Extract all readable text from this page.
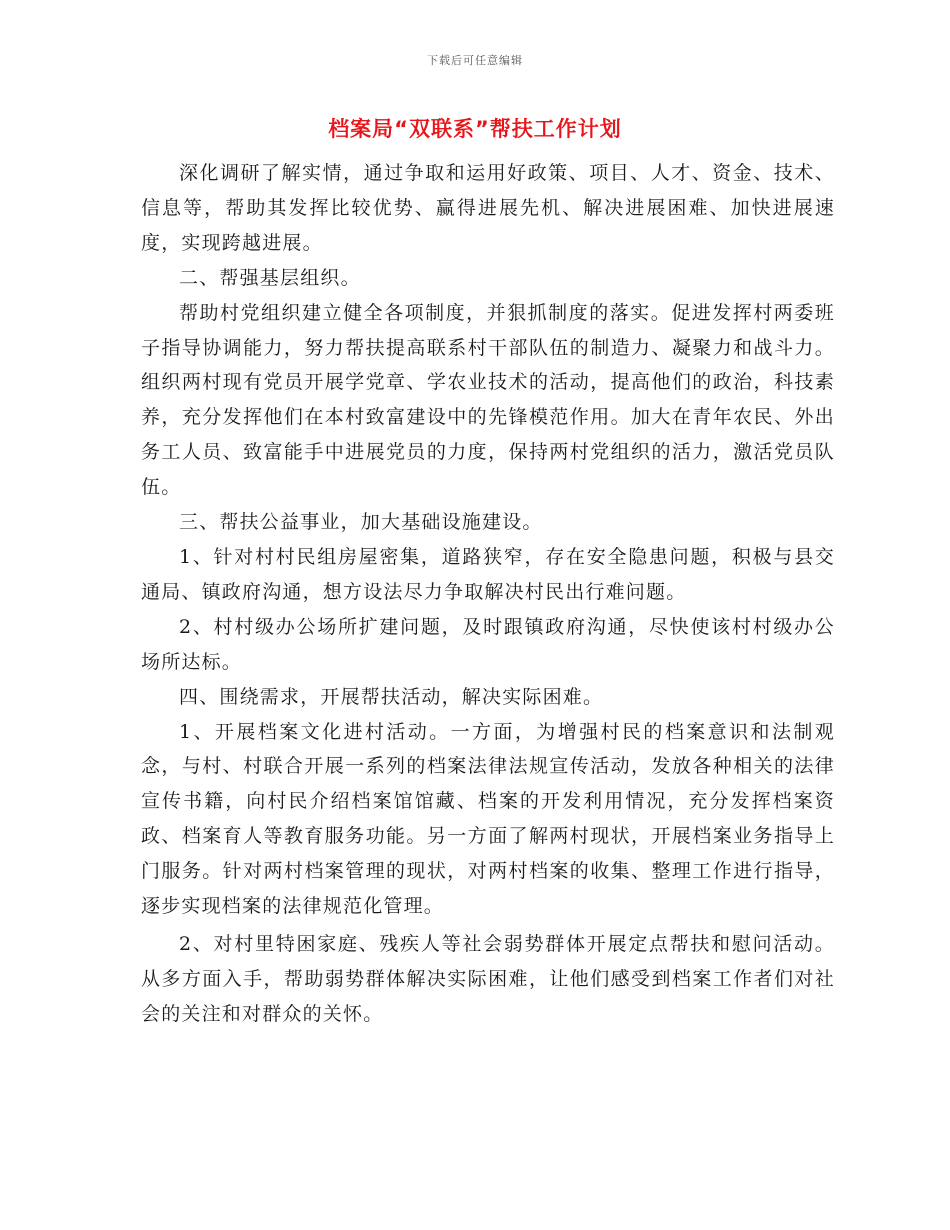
下载后可任意编辑
档案局“双联系”帮扶工作计划

深化调研了解实情，通过争取和运用好政策、项目、人才、资金、技术、信息等，帮助其发挥比较优势、赢得进展先机、解决进展困难、加快进展速度，实现跨越进展。

二、帮强基层组织。

帮助村党组织建立健全各项制度，并狠抓制度的落实。促进发挥村两委班子指导协调能力，努力帮扶提高联系村干部队伍的制造力、凝聚力和战斗力。组织两村现有党员开展学党章、学农业技术的活动，提高他们的政治，科技素养，充分发挥他们在本村致富建设中的先锋模范作用。加大在青年农民、外出务工人员、致富能手中进展党员的力度，保持两村党组织的活力，激活党员队伍。

三、帮扶公益事业，加大基础设施建设。

1、针对村村民组房屋密集，道路狭窄，存在安全隐患问题，积极与县交通局、镇政府沟通，想方设法尽力争取解决村民出行难问题。

2、村村级办公场所扩建问题，及时跟镇政府沟通，尽快使该村村级办公场所达标。

四、围绕需求，开展帮扶活动，解决实际困难。

1、开展档案文化进村活动。一方面，为增强村民的档案意识和法制观念，与村、村联合开展一系列的档案法律法规宣传活动，发放各种相关的法律宣传书籍，向村民介绍档案馆馆藏、档案的开发利用情况，充分发挥档案资政、档案育人等教育服务功能。另一方面了解两村现状，开展档案业务指导上门服务。针对两村档案管理的现状，对两村档案的收集、整理工作进行指导，逐步实现档案的法律规范化管理。

2、对村里特困家庭、残疾人等社会弱势群体开展定点帮扶和慰问活动。从多方面入手，帮助弱势群体解决实际困难，让他们感受到档案工作者们对社会的关注和对群众的关怀。
